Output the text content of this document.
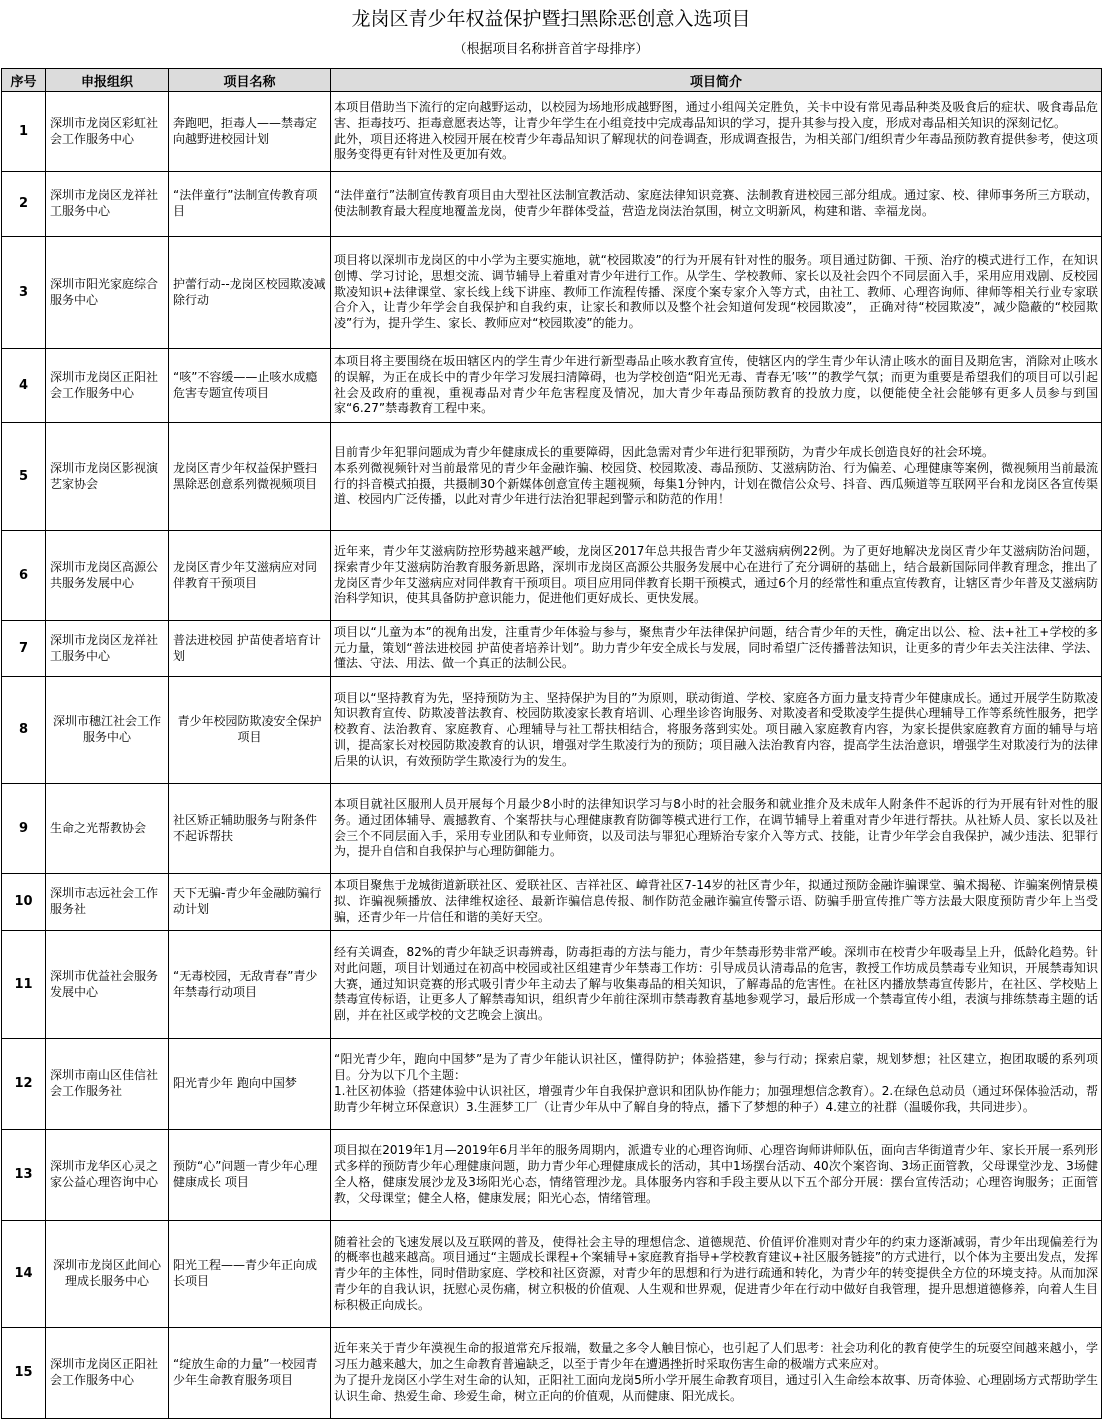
龙岗区青少年权益保护暨扫黑除恶创意入选项目
（根据项目名称拼音首字母排序）
序号	申报组织	项目名称	项目简介
1	深圳市龙岗区彩虹社会工作服务中心	奔跑吧，拒毒人——禁毒定向越野进校园计划	本项目借助当下流行的定向越野运动，以校园为场地形成越野图，通过小组闯关定胜负，关卡中设有常见毒品种类及吸食后的症状、吸食毒品危害、拒毒技巧、拒毒意愿表达等，让青少年学生在小组竞技中完成毒品知识的学习，提升其参与投入度，形成对毒品相关知识的深刻记忆。
此外，项目还将进入校园开展在校青少年毒品知识了解现状的问卷调查，形成调查报告，为相关部门/组织青少年毒品预防教育提供参考，使这项服务变得更有针对性及更加有效。
2	深圳市龙岗区龙祥社工服务中心	“法伴童行”法制宣传教育项目	“法伴童行”法制宣传教育项目由大型社区法制宣教活动、家庭法律知识竞赛、法制教育进校园三部分组成。通过家、校、律师事务所三方联动，使法制教育最大程度地覆盖龙岗，使青少年群体受益，营造龙岗法治氛围，树立文明新风，构建和谐、幸福龙岗。
3	深圳市阳光家庭综合服务中心	护蕾行动--龙岗区校园欺凌减除行动	项目将以深圳市龙岗区的中小学为主要实施地，就“校园欺凌”的行为开展有针对性的服务。项目通过防御、干预、治疗的模式进行工作，在知识创博、学习讨论，思想交流、调节辅导上着重对青少年进行工作。从学生、学校教师、家长以及社会四个不同层面入手，采用应用戏剧、反校园欺凌知识+法律课堂、家长线上线下讲座、教师工作流程传播、深度个案专家介入等方式，由社工、教师、心理咨询师、律师等相关行业专家联合介入，让青少年学会自我保护和自我约束，让家长和教师以及整个社会知道何发现“校园欺凌”， 正确对待“校园欺凌”，减少隐蔽的“校园欺凌”行为，提升学生、家长、教师应对“校园欺凌”的能力。
4	深圳市龙岗区正阳社会工作服务中心	“咳”不容缓——止咳水成瘾危害专题宣传项目	本项目将主要围绕在坂田辖区内的学生青少年进行新型毒品止咳水教育宣传，使辖区内的学生青少年认清止咳水的面目及期危害，消除对止咳水的误解，为正在成长中的青少年学习发展扫清障碍，也为学校创造“阳光无毒、青春无’咳’”的教学气氛；而更为重要是希望我们的项目可以引起社会及政府的重视，重视毒品对青少年危害程度及情况，加大青少年毒品预防教育的投放力度，以便能使全社会能够有更多人员参与到国家“6.27”禁毒教育工程中来。
5	深圳市龙岗区影视演艺家协会	龙岗区青少年权益保护暨扫黑除恶创意系列微视频项目	目前青少年犯罪问题成为青少年健康成长的重要障碍，因此急需对青少年进行犯罪预防，为青少年成长创造良好的社会环境。
本系列微视频针对当前最常见的青少年金融诈骗、校园贷、校园欺凌、毒品预防、艾滋病防治、行为偏差、心理健康等案例，微视频用当前最流行的抖音模式拍摄，共摄制30个新媒体创意宣传主题视频，每集1分钟内，计划在微信公众号、抖音、西瓜频道等互联网平台和龙岗区各宣传渠道、校园内广泛传播，以此对青少年进行法治犯罪起到警示和防范的作用！
6	深圳市龙岗区高源公共服务发展中心	龙岗区青少年艾滋病应对同伴教育干预项目	近年来，青少年艾滋病防控形势越来越严峻，龙岗区2017年总共报告青少年艾滋病病例22例。为了更好地解决龙岗区青少年艾滋病防治问题，探索青少年艾滋病防治教育服务新思路，深圳市龙岗区高源公共服务发展中心在进行了充分调研的基础上，结合最新国际同伴教育理念，推出了龙岗区青少年艾滋病应对同伴教育干预项目。项目应用同伴教育长期干预模式，通过6个月的经常性和重点宣传教育，让辖区青少年普及艾滋病防治科学知识，使其具备防护意识能力，促进他们更好成长、更快发展。
7	深圳市龙岗区龙祥社工服务中心	普法进校园 护苗使者培育计划	项目以“儿童为本”的视角出发，注重青少年体验与参与，聚焦青少年法律保护问题，结合青少年的天性，确定出以公、检、法+社工+学校的多元力量，策划“普法进校园 护苗使者培养计划”。助力青少年安全成长与发展，同时希望广泛传播普法知识，让更多的青少年去关注法律、学法、懂法、守法、用法、做一个真正的法制公民。
8	深圳市穗江社会工作服务中心	青少年校园防欺凌安全保护项目	项目以“坚持教育为先，坚持预防为主、坚持保护为目的”为原则，联动街道、学校、家庭各方面力量支持青少年健康成长。通过开展学生防欺凌知识教育宣传、防欺凌普法教育、校园防欺凌家长教育培训、心理坐诊咨询服务、对欺凌者和受欺凌学生提供心理辅导工作等系统性服务，把学校教育、法治教育、家庭教育、心理辅导与社工帮扶相结合，将服务落到实处。项目融入家庭教育内容，为家长提供家庭教育方面的辅导与培训，提高家长对校园防欺凌教育的认识，增强对学生欺凌行为的预防；项目融入法治教育内容，提高学生法治意识，增强学生对欺凌行为的法律后果的认识，有效预防学生欺凌行为的发生。
9	生命之光帮教协会	社区矫正辅助服务与附条件不起诉帮扶	本项目就社区服刑人员开展每个月最少8小时的法律知识学习与8小时的社会服务和就业推介及未成年人附条件不起诉的行为开展有针对性的服务。通过团体辅导、震撼教育、个案帮扶与心理健康教育防御等模式进行工作，在调节辅导上着重对青少年进行帮扶。从社矫人员、家长以及社会三个不同层面入手，采用专业团队和专业师资，以及司法与罪犯心理矫治专家介入等方式、技能，让青少年学会自我保护，减少违法、犯罪行为，提升自信和自我保护与心理防御能力。
10	深圳市志远社会工作服务社	天下无骗-青少年金融防骗行动计划	本项目聚焦于龙城街道新联社区、爱联社区、吉祥社区、嶂背社区7-14岁的社区青少年，拟通过预防金融诈骗课堂、骗术揭秘、诈骗案例情景模拟、诈骗视频播放、法律维权途径、最新诈骗信息传报、制作防范金融诈骗宣传警示语、防骗手册宣传推广等方法最大限度预防青少年上当受骗，还青少年一片信任和谐的美好天空。
11	深圳市优益社会服务发展中心	“无毒校园，无敌青春”青少年禁毒行动项目	经有关调查，82%的青少年缺乏识毒辨毒，防毒拒毒的方法与能力，青少年禁毒形势非常严峻。深圳市在校青少年吸毒呈上升，低龄化趋势。针对此问题，项目计划通过在初高中校园或社区组建青少年禁毒工作坊：引导成员认清毒品的危害，教授工作坊成员禁毒专业知识，开展禁毒知识大赛，通过知识竞赛的形式吸引青少年主动去了解与收集毒品的相关知识，了解毒品的危害性。在社区内播放禁毒宣传影片，在社区、学校贴上禁毒宣传标语，让更多人了解禁毒知识，组织青少年前往深圳市禁毒教育基地参观学习，最后形成一个禁毒宣传小组，表演与排练禁毒主题的话剧，并在社区或学校的文艺晚会上演出。
12	深圳市南山区佳信社会工作服务社	阳光青少年 跑向中国梦	“阳光青少年，跑向中国梦”是为了青少年能认识社区，懂得防护；体验搭建，参与行动；探索启蒙，规划梦想；社区建立，抱团取暖的系列项目。分为以下几个主题：
1.社区初体验（搭建体验中认识社区，增强青少年自我保护意识和团队协作能力；加强理想信念教育）。2.在绿色总动员（通过环保体验活动，帮助青少年树立环保意识）3.生涯梦工厂（让青少年从中了解自身的特点，播下了梦想的种子）4.建立的社群（温暖你我，共同进步）。
13	深圳市龙华区心灵之家公益心理咨询中心	预防“心”问题一青少年心理健康成长 项目	项目拟在2019年1月—2019年6月半年的服务周期内，派遣专业的心理咨询师、心理咨询师讲师队伍，面向吉华街道青少年、家长开展一系列形式多样的预防青少年心理健康问题，助力青少年心理健康成长的活动，其中1场摆台活动、40次个案咨询、3场正面管教，父母课堂沙龙、3场健全人格，健康发展沙龙及3场阳光心态，情绪管理沙龙。具体服务内容和手段主要从以下五个部分开展：摆台宣传活动；心理咨询服务；正面管教，父母课堂；健全人格，健康发展；阳光心态，情绪管理。
14	深圳市龙岗区此间心理成长服务中心	阳光工程——青少年正向成长项目	随着社会的飞速发展以及互联网的普及，使得社会主导的理想信念、道德规范、价值评价准则对青少年的约束力逐渐减弱，青少年出现偏差行为的概率也越来越高。项目通过“主题成长课程+个案辅导+家庭教育指导+学校教育建议+社区服务链接”的方式进行，以个体为主要出发点，发挥青少年的主体性，同时借助家庭、学校和社区资源，对青少年的思想和行为进行疏通和转化，为青少年的转变提供全方位的环境支持。从而加深青少年的自我认识，抚慰心灵伤痛，树立积极的价值观、人生观和世界观，促进青少年在行动中做好自我管理，提升思想道德修养，向着人生目标积极正向成长。
15	深圳市龙岗区正阳社会工作服务中心	“绽放生命的力量”一校园青少年生命教育服务项目	近年来关于青少年漠视生命的报道常充斥报端，数量之多令人触目惊心，也引起了人们思考：社会功利化的教育使学生的玩耍空间越来越小，学习压力越来越大，加之生命教育普遍缺乏，以至于青少年在遭遇挫折时采取伤害生命的极端方式来应对。
为了提升龙岗区小学生对生命的认知，正阳社工面向龙岗5所小学开展生命教育项目，通过引入生命绘本故事、历奇体验、心理剧场方式帮助学生认识生命、热爱生命、珍爱生命，树立正向的价值观，从而健康、阳光成长。
